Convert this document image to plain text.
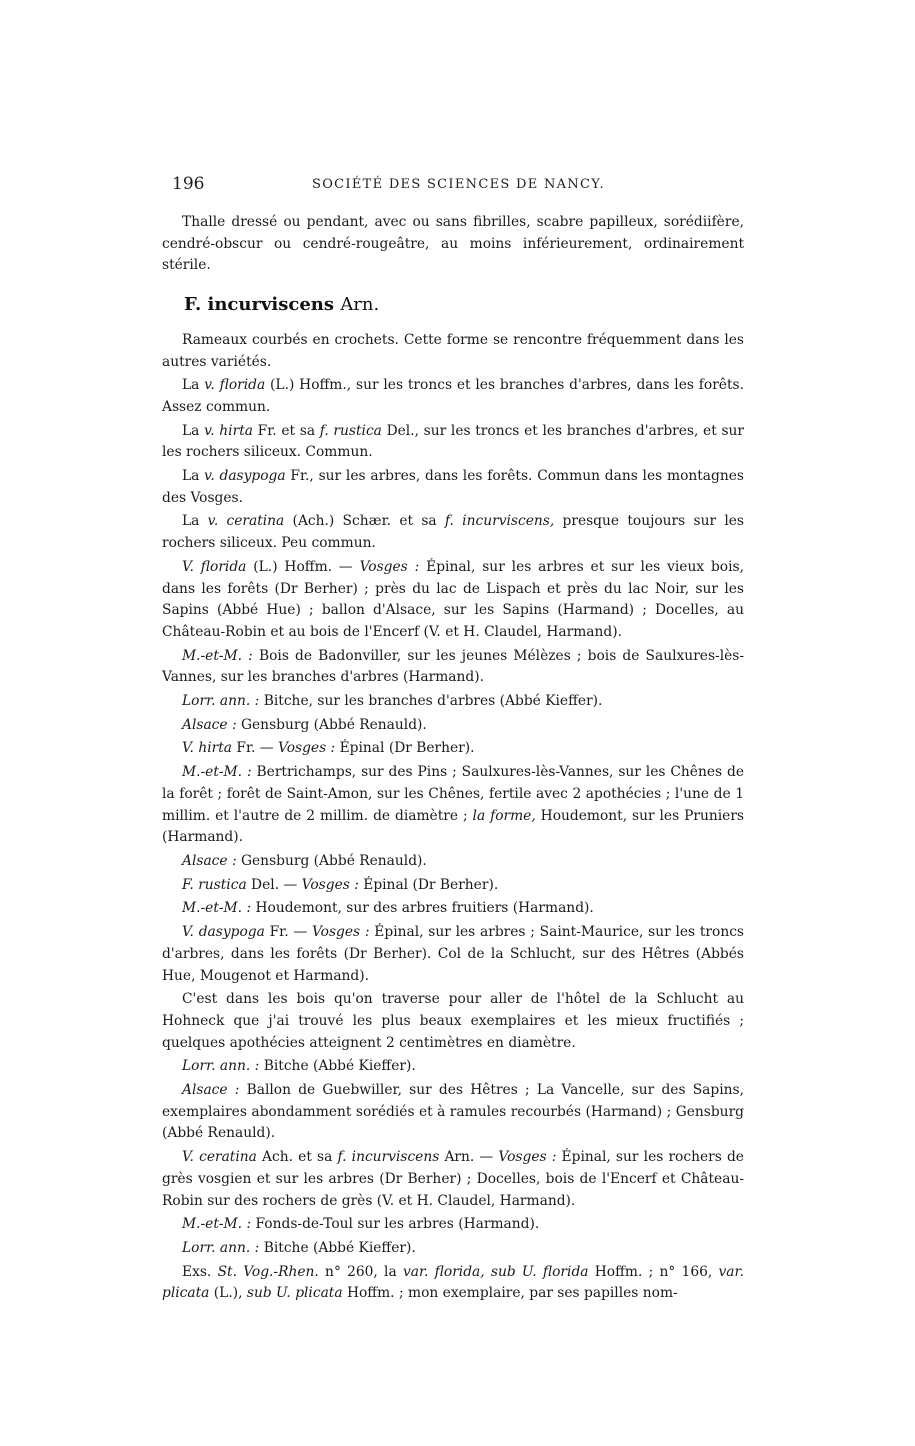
196	SOCIÉTÉ DES SCIENCES DE NANCY.

Thalle dressé ou pendant, avec ou sans fibrilles, scabre papilleux, sorédiifère, cendré-obscur ou cendré-rougeâtre, au moins inférieurement, ordinairement stérile.

F. incurviscens Arn.

Rameaux courbés en crochets. Cette forme se rencontre fréquemment dans les autres variétés.

La v. florida (L.) Hoffm., sur les troncs et les branches d'arbres, dans les forêts. Assez commun.

La v. hirta Fr. et sa f. rustica Del., sur les troncs et les branches d'arbres, et sur les rochers siliceux. Commun.

La v. dasypoga Fr., sur les arbres, dans les forêts. Commun dans les montagnes des Vosges.

La v. ceratina (Ach.) Schær. et sa f. incurviscens, presque toujours sur les rochers siliceux. Peu commun.

V. florida (L.) Hoffm. — Vosges : Épinal, sur les arbres et sur les vieux bois, dans les forêts (Dr Berher) ; près du lac de Lispach et près du lac Noir, sur les Sapins (Abbé Hue) ; ballon d'Alsace, sur les Sapins (Harmand) ; Docelles, au Château-Robin et au bois de l'Encerf (V. et H. Claudel, Harmand).

M.-et-M. : Bois de Badonviller, sur les jeunes Mélèzes ; bois de Saulxures-lès-Vannes, sur les branches d'arbres (Harmand).

Lorr. ann. : Bitche, sur les branches d'arbres (Abbé Kieffer).

Alsace : Gensburg (Abbé Renauld).

V. hirta Fr. — Vosges : Épinal (Dr Berher).

M.-et-M. : Bertrichamps, sur des Pins ; Saulxures-lès-Vannes, sur les Chênes de la forêt ; forêt de Saint-Amon, sur les Chênes, fertile avec 2 apothécies ; l'une de 1 millim. et l'autre de 2 millim. de diamètre ; la forme, Houdemont, sur les Pruniers (Harmand).

Alsace : Gensburg (Abbé Renauld).

F. rustica Del. — Vosges : Épinal (Dr Berher).

M.-et-M. : Houdemont, sur des arbres fruitiers (Harmand).

V. dasypoga Fr. — Vosges : Épinal, sur les arbres ; Saint-Maurice, sur les troncs d'arbres, dans les forêts (Dr Berher). Col de la Schlucht, sur des Hêtres (Abbés Hue, Mougenot et Harmand).

C'est dans les bois qu'on traverse pour aller de l'hôtel de la Schlucht au Hohneck que j'ai trouvé les plus beaux exemplaires et les mieux fructifiés ; quelques apothécies atteignent 2 centimètres en diamètre.

Lorr. ann. : Bitche (Abbé Kieffer).

Alsace : Ballon de Guebwiller, sur des Hêtres ; La Vancelle, sur des Sapins, exemplaires abondamment sorédiés et à ramules recourbés (Harmand) ; Gensburg (Abbé Renauld).

V. ceratina Ach. et sa f. incurviscens Arn. — Vosges : Épinal, sur les rochers de grès vosgien et sur les arbres (Dr Berher) ; Docelles, bois de l'Encerf et Château-Robin sur des rochers de grès (V. et H. Claudel, Harmand).

M.-et-M. : Fonds-de-Toul sur les arbres (Harmand).

Lorr. ann. : Bitche (Abbé Kieffer).

Exs. St. Vog.-Rhen. n° 260, la var. florida, sub U. florida Hoffm. ; n° 166, var. plicata (L.), sub U. plicata Hoffm. ; mon exemplaire, par ses papilles nom-
